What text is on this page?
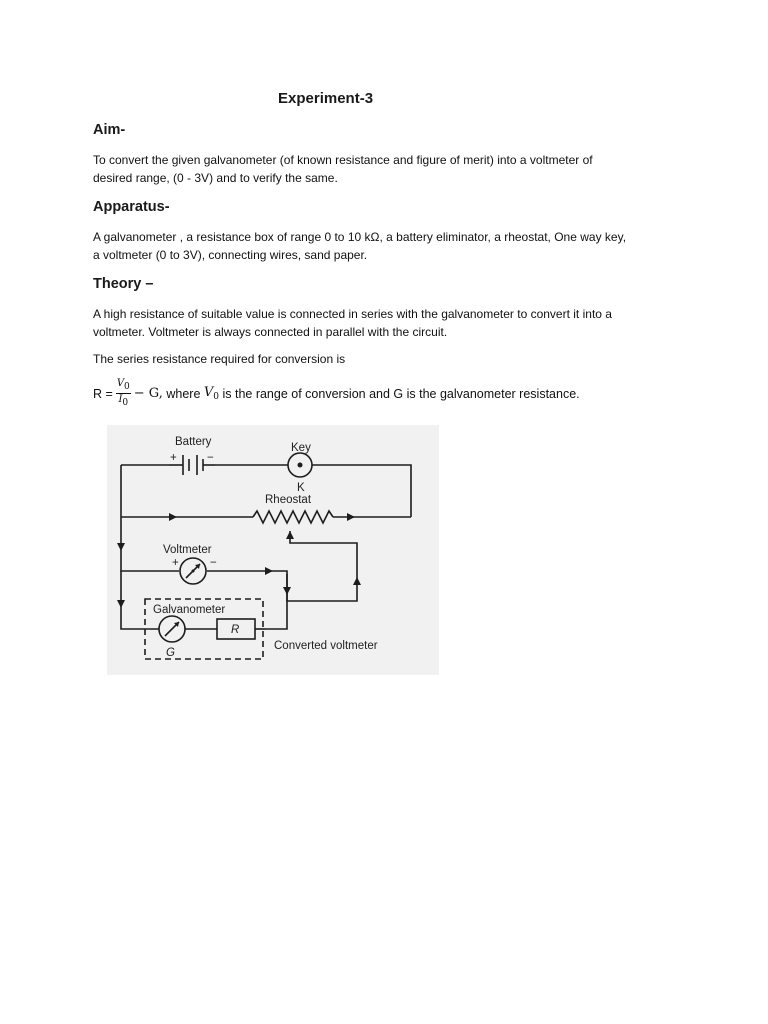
Experiment-3
Aim-
To convert the given galvanometer (of known resistance and figure of merit) into a voltmeter of
desired range, (0 - 3V) and to verify the same.
Apparatus-
A galvanometer , a resistance box of range 0 to 10 kΩ, a battery eliminator, a rheostat, One way key,
a voltmeter (0 to 3V), connecting wires, sand paper.
Theory –
A high resistance of suitable value is connected in series with the galvanometer to convert it into a
voltmeter. Voltmeter is always connected in parallel with the circuit.
The series resistance required for conversion is
$R = \frac{V0}{I0} - G$, where $V_0$ is the range of conversion and G is the galvanometer resistance.
Battery
+	−
Key
K
Rheostat
Voltmeter
+	−
Galvanometer
R
G
Converted voltmeter
